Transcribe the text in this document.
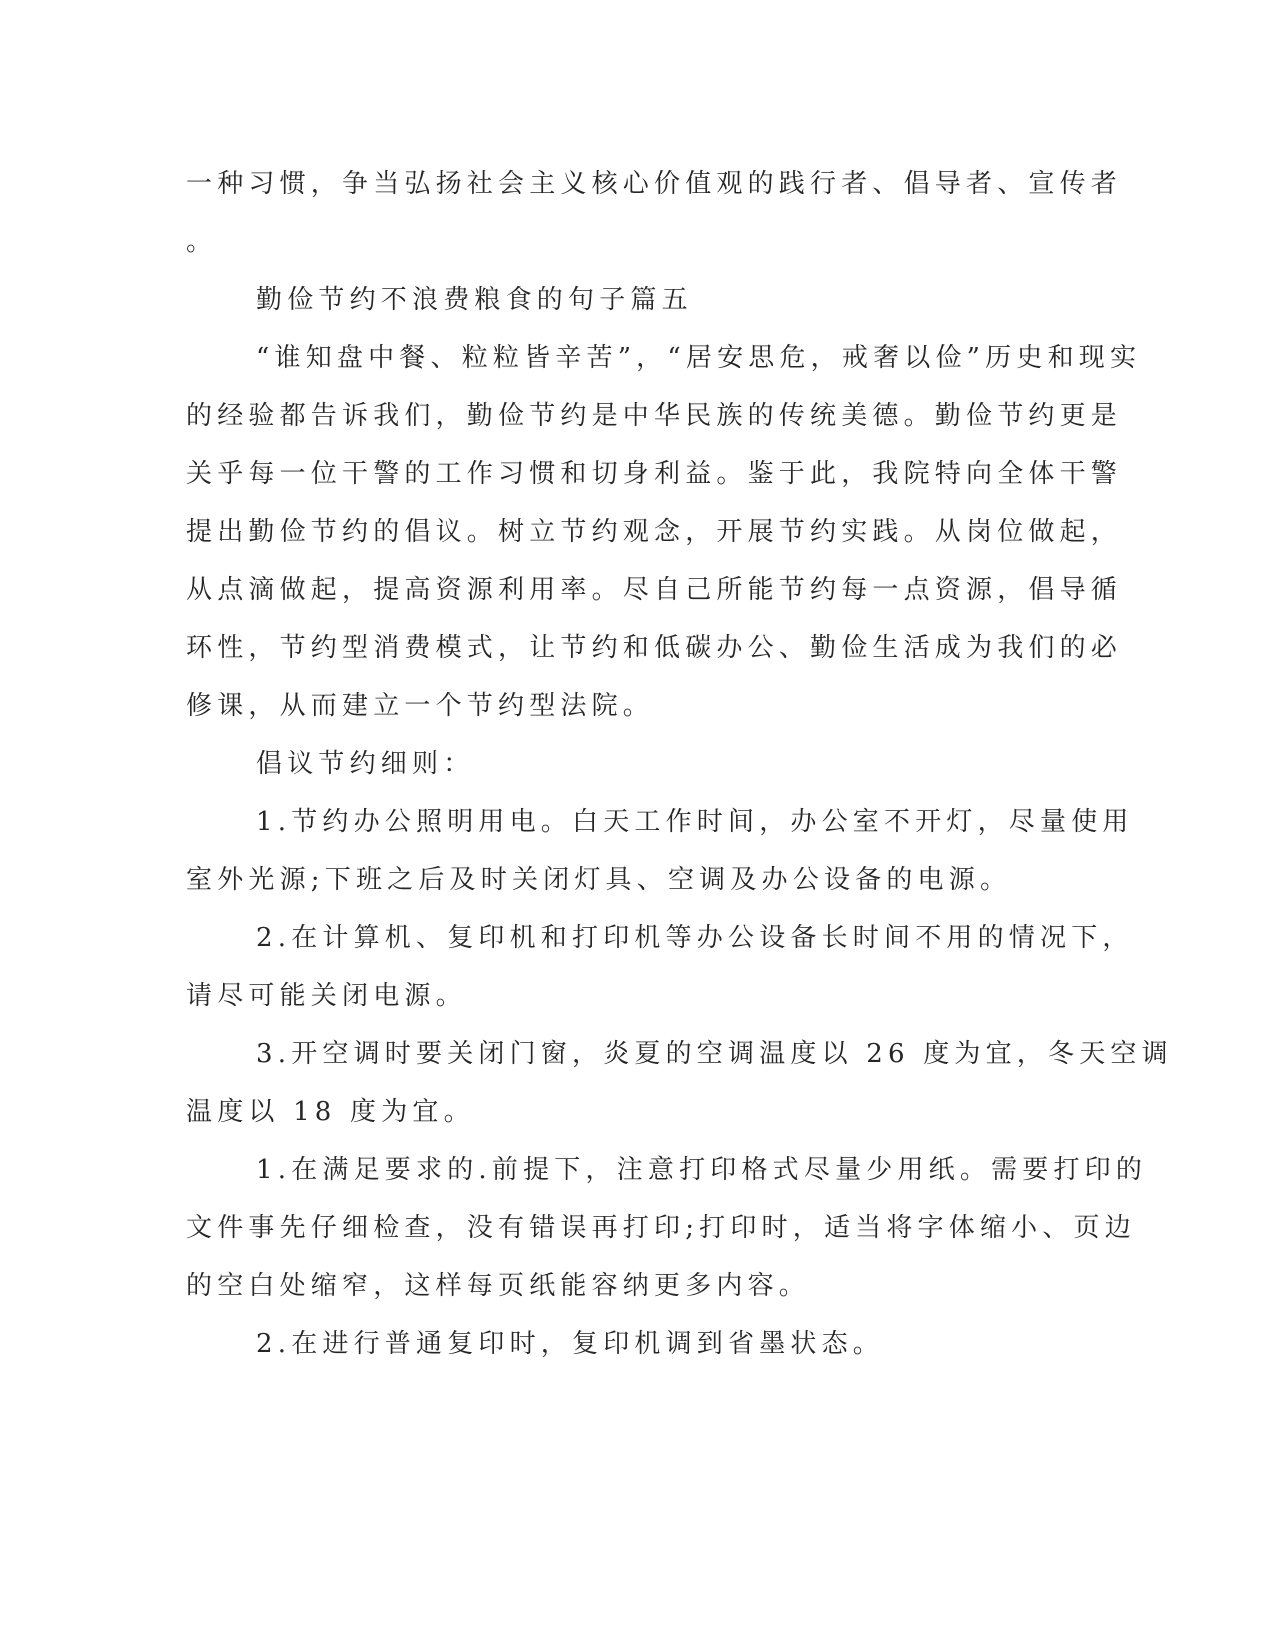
一种习惯，争当弘扬社会主义核心价值观的践行者、倡导者、宣传者

。

勤俭节约不浪费粮食的句子篇五

“谁知盘中餐、粒粒皆辛苦”，“居安思危，戒奢以俭”历史和现实

的经验都告诉我们，勤俭节约是中华民族的传统美德。勤俭节约更是

关乎每一位干警的工作习惯和切身利益。鉴于此，我院特向全体干警

提出勤俭节约的倡议。树立节约观念，开展节约实践。从岗位做起，

从点滴做起，提高资源利用率。尽自己所能节约每一点资源，倡导循

环性，节约型消费模式，让节约和低碳办公、勤俭生活成为我们的必

修课，从而建立一个节约型法院。

倡议节约细则：

1.节约办公照明用电。白天工作时间，办公室不开灯，尽量使用

室外光源;下班之后及时关闭灯具、空调及办公设备的电源。

2.在计算机、复印机和打印机等办公设备长时间不用的情况下，

请尽可能关闭电源。

3.开空调时要关闭门窗，炎夏的空调温度以 26 度为宜，冬天空调

温度以 18 度为宜。

1.在满足要求的.前提下，注意打印格式尽量少用纸。需要打印的

文件事先仔细检查，没有错误再打印;打印时，适当将字体缩小、页边

的空白处缩窄，这样每页纸能容纳更多内容。

2.在进行普通复印时，复印机调到省墨状态。
